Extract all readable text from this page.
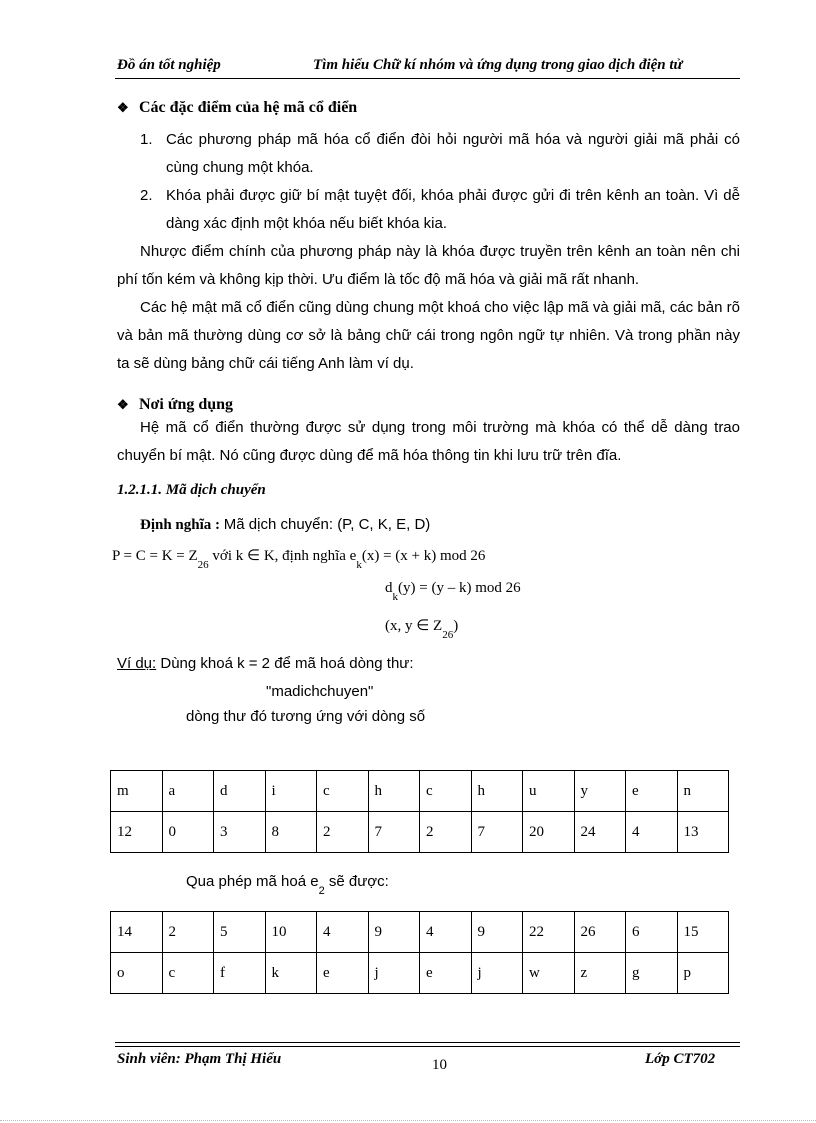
Đồ án tốt nghiệp	Tìm hiểu Chữ kí nhóm và ứng dụng trong giao dịch điện tử
❖ Các đặc điểm của hệ mã cổ điển
1. Các phương pháp mã hóa cổ điển đòi hỏi người mã hóa và người giải mã phải có cùng chung một khóa.
2. Khóa phải được giữ bí mật tuyệt đối, khóa phải được gửi đi trên kênh an toàn. Vì dễ dàng xác định một khóa nếu biết khóa kia.
Nhược điểm chính của phương pháp này là khóa được truyền trên kênh an toàn nên chi phí tốn kém và không kịp thời. Ưu điểm là tốc độ mã hóa và giải mã rất nhanh.
Các hệ mật mã cổ điển cũng dùng chung một khoá cho việc lập mã và giải mã, các bản rõ và bản mã thường dùng cơ sở là bảng chữ cái trong ngôn ngữ tự nhiên. Và trong phần này ta sẽ dùng bảng chữ cái tiếng Anh làm ví dụ.
❖ Nơi ứng dụng
Hệ mã cổ điển thường được sử dụng trong môi trường mà khóa có thể dễ dàng trao chuyển bí mật. Nó cũng được dùng để mã hóa thông tin khi lưu trữ trên đĩa.
1.2.1.1. Mã dịch chuyển
Định nghĩa : Mã dịch chuyển: (P, C, K, E, D)
$P = C = K = Z_{26}$ với k ∈ K, định nghĩa $e_k(x) = (x + k)$ mod 26
$d_k(y) = (y - k)$ mod 26
(x, y ∈ $Z_{26}$)
Ví dụ: Dùng khoá k = 2 để mã hoá dòng thư:
"madichchuyen"
dòng thư đó tương ứng với dòng số
m	a	d	i	c	h	c	h	u	y	e	n
12	0	3	8	2	7	2	7	20	24	4	13
Qua phép mã hoá $e_2$ sẽ được:
14	2	5	10	4	9	4	9	22	26	6	15
o	c	f	k	e	j	e	j	w	z	g	p
Sinh viên: Phạm Thị Hiểu	10	Lớp CT702
